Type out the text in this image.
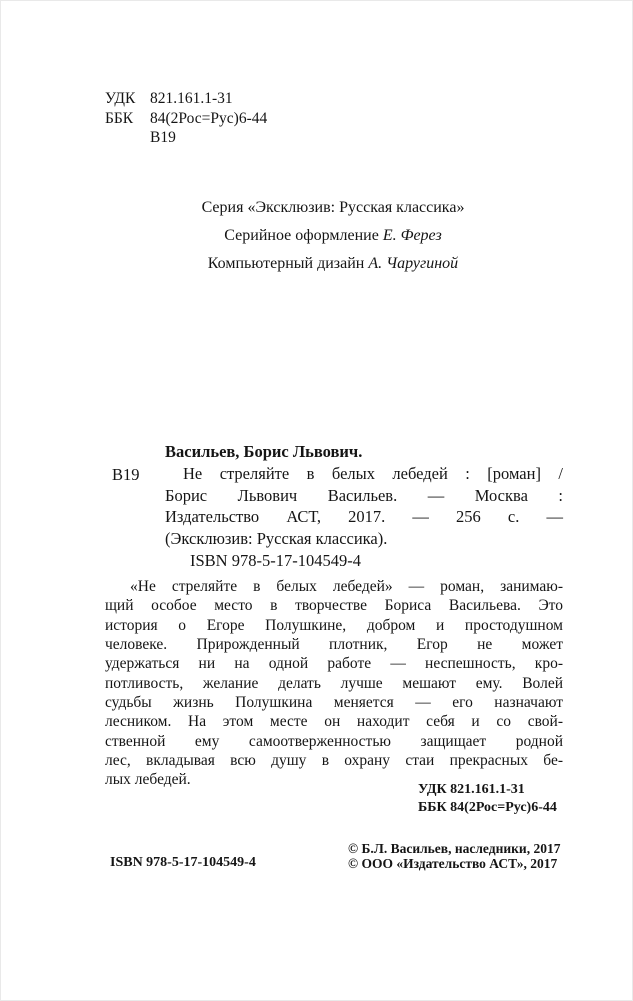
УДК 821.161.1-31
ББК 84(2Рос=Рус)6-44
В19
Серия «Эксклюзив: Русская классика»
Серийное оформление Е. Ферез
Компьютерный дизайн А. Чаругиной
В19
Васильев, Борис Львович.
Не стреляйте в белых лебедей : [роман] /
Борис Львович Васильев. — Москва :
Издательство АСТ, 2017. — 256 с. —
(Эксклюзив: Русская классика).
ISBN 978-5-17-104549-4
«Не стреляйте в белых лебедей» — роман, занимаю-
щий особое место в творчестве Бориса Васильева. Это
история о Егоре Полушкине, добром и простодушном
человеке. Прирожденный плотник, Егор не может
удержаться ни на одной работе — неспешность, кро-
потливость, желание делать лучше мешают ему. Волей
судьбы жизнь Полушкина меняется — его назначают
лесником. На этом месте он находит себя и со свой-
ственной ему самоотверженностью защищает родной
лес, вкладывая всю душу в охрану стаи прекрасных бе-
лых лебедей.
УДК 821.161.1-31
ББК 84(2Рос=Рус)6-44
ISBN 978-5-17-104549-4
© Б.Л. Васильев, наследники, 2017
© ООО «Издательство АСТ», 2017
